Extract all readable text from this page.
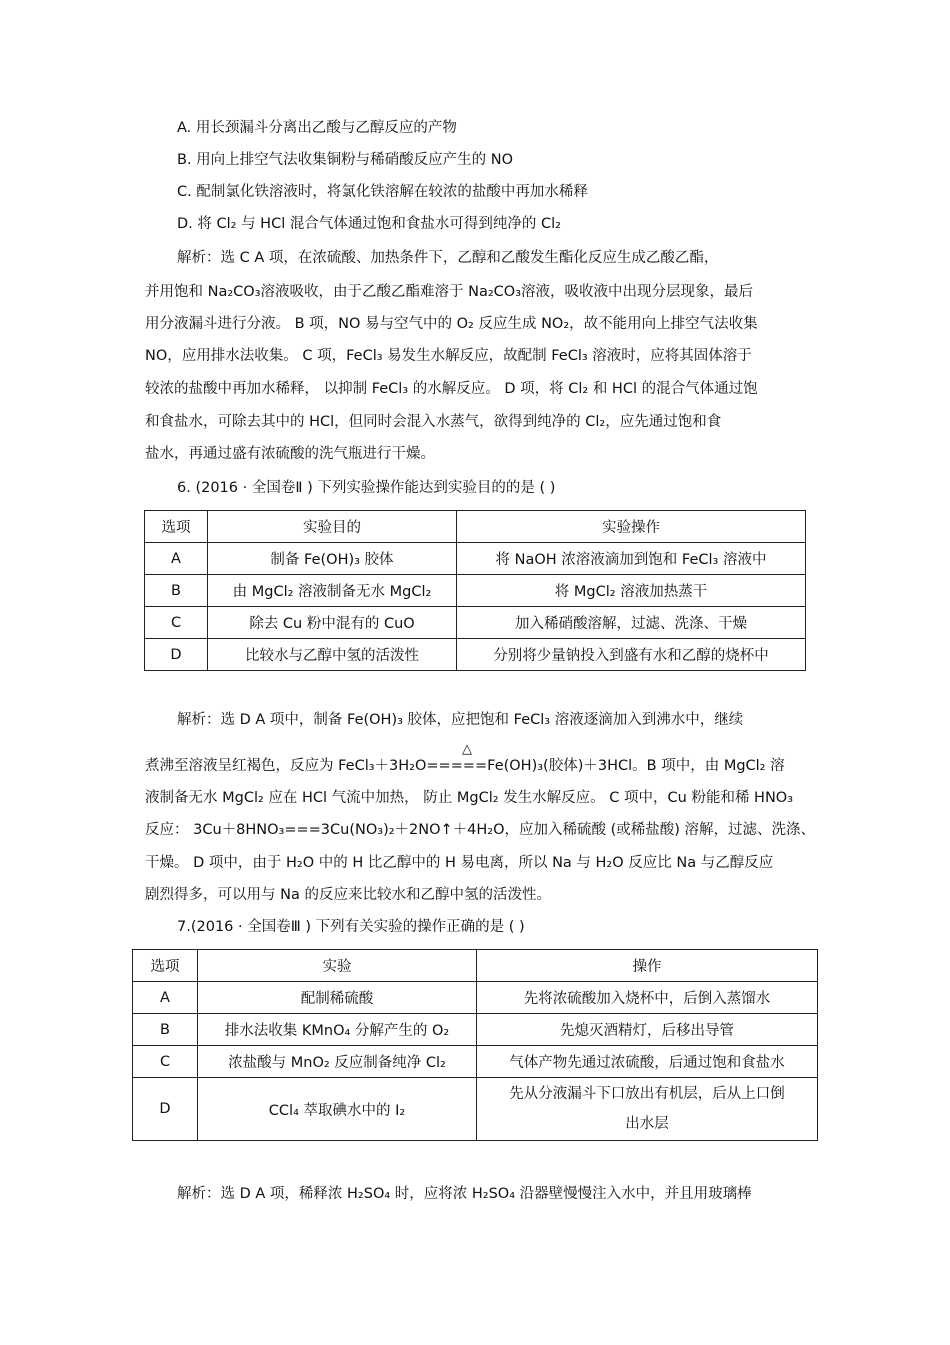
A. 用长颈漏斗分离出乙酸与乙醇反应的产物
B. 用向上排空气法收集铜粉与稀硝酸反应产生的 NO
C. 配制氯化铁溶液时，将氯化铁溶解在较浓的盐酸中再加水稀释
D. 将 Cl₂ 与 HCl 混合气体通过饱和食盐水可得到纯净的 Cl₂
解析：选 C A 项，在浓硫酸、加热条件下，乙醇和乙酸发生酯化反应生成乙酸乙酯，
并用饱和 Na₂CO₃溶液吸收，由于乙酸乙酯难溶于 Na₂CO₃溶液，吸收液中出现分层现象，最后
用分液漏斗进行分液。 B 项，NO 易与空气中的 O₂ 反应生成 NO₂，故不能用向上排空气法收集
NO，应用排水法收集。 C 项，FeCl₃ 易发生水解反应，故配制 FeCl₃ 溶液时，应将其固体溶于
较浓的盐酸中再加水稀释， 以抑制 FeCl₃ 的水解反应。 D 项，将 Cl₂ 和 HCl 的混合气体通过饱
和食盐水，可除去其中的 HCl，但同时会混入水蒸气，欲得到纯净的 Cl₂，应先通过饱和食
盐水，再通过盛有浓硫酸的洗气瓶进行干燥。
6. (2016 · 全国卷Ⅱ ) 下列实验操作能达到实验目的的是 ( )
选项	实验目的	实验操作
A	制备 Fe(OH)₃ 胶体	将 NaOH 浓溶液滴加到饱和 FeCl₃ 溶液中
B	由 MgCl₂ 溶液制备无水 MgCl₂	将 MgCl₂ 溶液加热蒸干
C	除去 Cu 粉中混有的 CuO	加入稀硝酸溶解，过滤、洗涤、干燥
D	比较水与乙醇中氢的活泼性	分别将少量钠投入到盛有水和乙醇的烧杯中
解析：选 D A 项中，制备 Fe(OH)₃ 胶体，应把饱和 FeCl₃ 溶液逐滴加入到沸水中，继续
△
煮沸至溶液呈红褐色，反应为 FeCl₃＋3H₂O=====Fe(OH)₃(胶体)＋3HCl。B 项中，由 MgCl₂ 溶
液制备无水 MgCl₂ 应在 HCl 气流中加热， 防止 MgCl₂ 发生水解反应。 C 项中，Cu 粉能和稀 HNO₃
反应： 3Cu＋8HNO₃===3Cu(NO₃)₂＋2NO↑＋4H₂O，应加入稀硫酸 (或稀盐酸) 溶解，过滤、洗涤、
干燥。 D 项中，由于 H₂O 中的 H 比乙醇中的 H 易电离，所以 Na 与 H₂O 反应比 Na 与乙醇反应
剧烈得多，可以用与 Na 的反应来比较水和乙醇中氢的活泼性。
7.(2016 · 全国卷Ⅲ ) 下列有关实验的操作正确的是 ( )
选项	实验	操作
A	配制稀硫酸	先将浓硫酸加入烧杯中，后倒入蒸馏水
B	排水法收集 KMnO₄ 分解产生的 O₂	先熄灭酒精灯，后移出导管
C	浓盐酸与 MnO₂ 反应制备纯净 Cl₂	气体产物先通过浓硫酸，后通过饱和食盐水
D	CCl₄ 萃取碘水中的 I₂	先从分液漏斗下口放出有机层，后从上口倒
出水层
解析：选 D A 项，稀释浓 H₂SO₄ 时，应将浓 H₂SO₄ 沿器壁慢慢注入水中，并且用玻璃棒
